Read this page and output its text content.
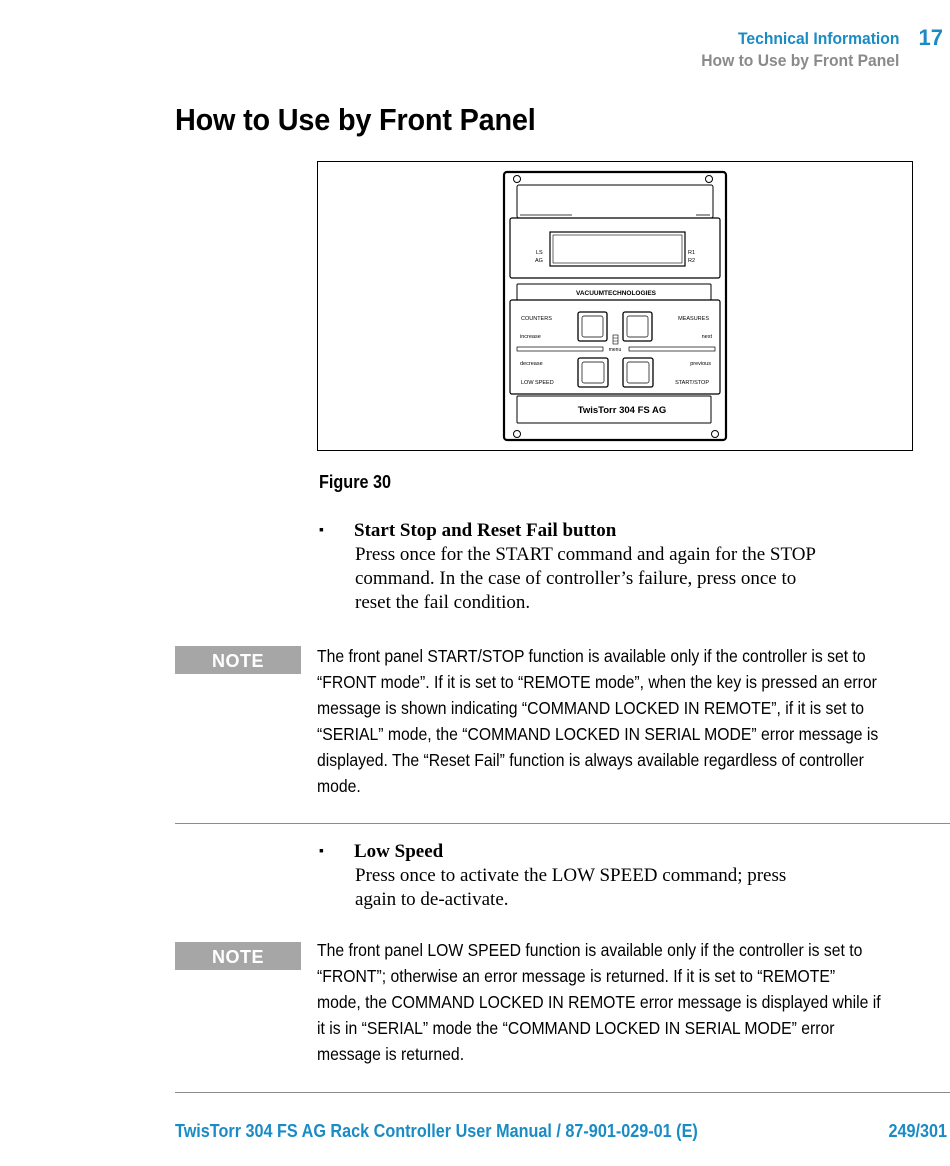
Technical Information 17
How to Use by Front Panel
How to Use by Front Panel
LS
AG
R1
R2
VACUUMTECHNOLOGIES
COUNTERS	MEASURES
increase	next
menu
decrease	previous
LOW SPEED	START/STOP
TwisTorr 304 FS AG
Figure 30
▪ Start Stop and Reset Fail button
Press once for the START command and again for the STOP
command. In the case of controller’s failure, press once to
reset the fail condition.
NOTE	The front panel START/STOP function is available only if the controller is set to
“FRONT mode”. If it is set to “REMOTE mode”, when the key is pressed an error
message is shown indicating “COMMAND LOCKED IN REMOTE”, if it is set to
“SERIAL” mode, the “COMMAND LOCKED IN SERIAL MODE” error message is
displayed. The “Reset Fail” function is always available regardless of controller
mode.
▪ Low Speed
Press once to activate the LOW SPEED command; press
again to de-activate.
NOTE	The front panel LOW SPEED function is available only if the controller is set to
“FRONT”; otherwise an error message is returned. If it is set to “REMOTE”
mode, the COMMAND LOCKED IN REMOTE error message is displayed while if
it is in “SERIAL” mode the “COMMAND LOCKED IN SERIAL MODE” error
message is returned.
TwisTorr 304 FS AG Rack Controller User Manual / 87-901-029-01 (E)	249/301
